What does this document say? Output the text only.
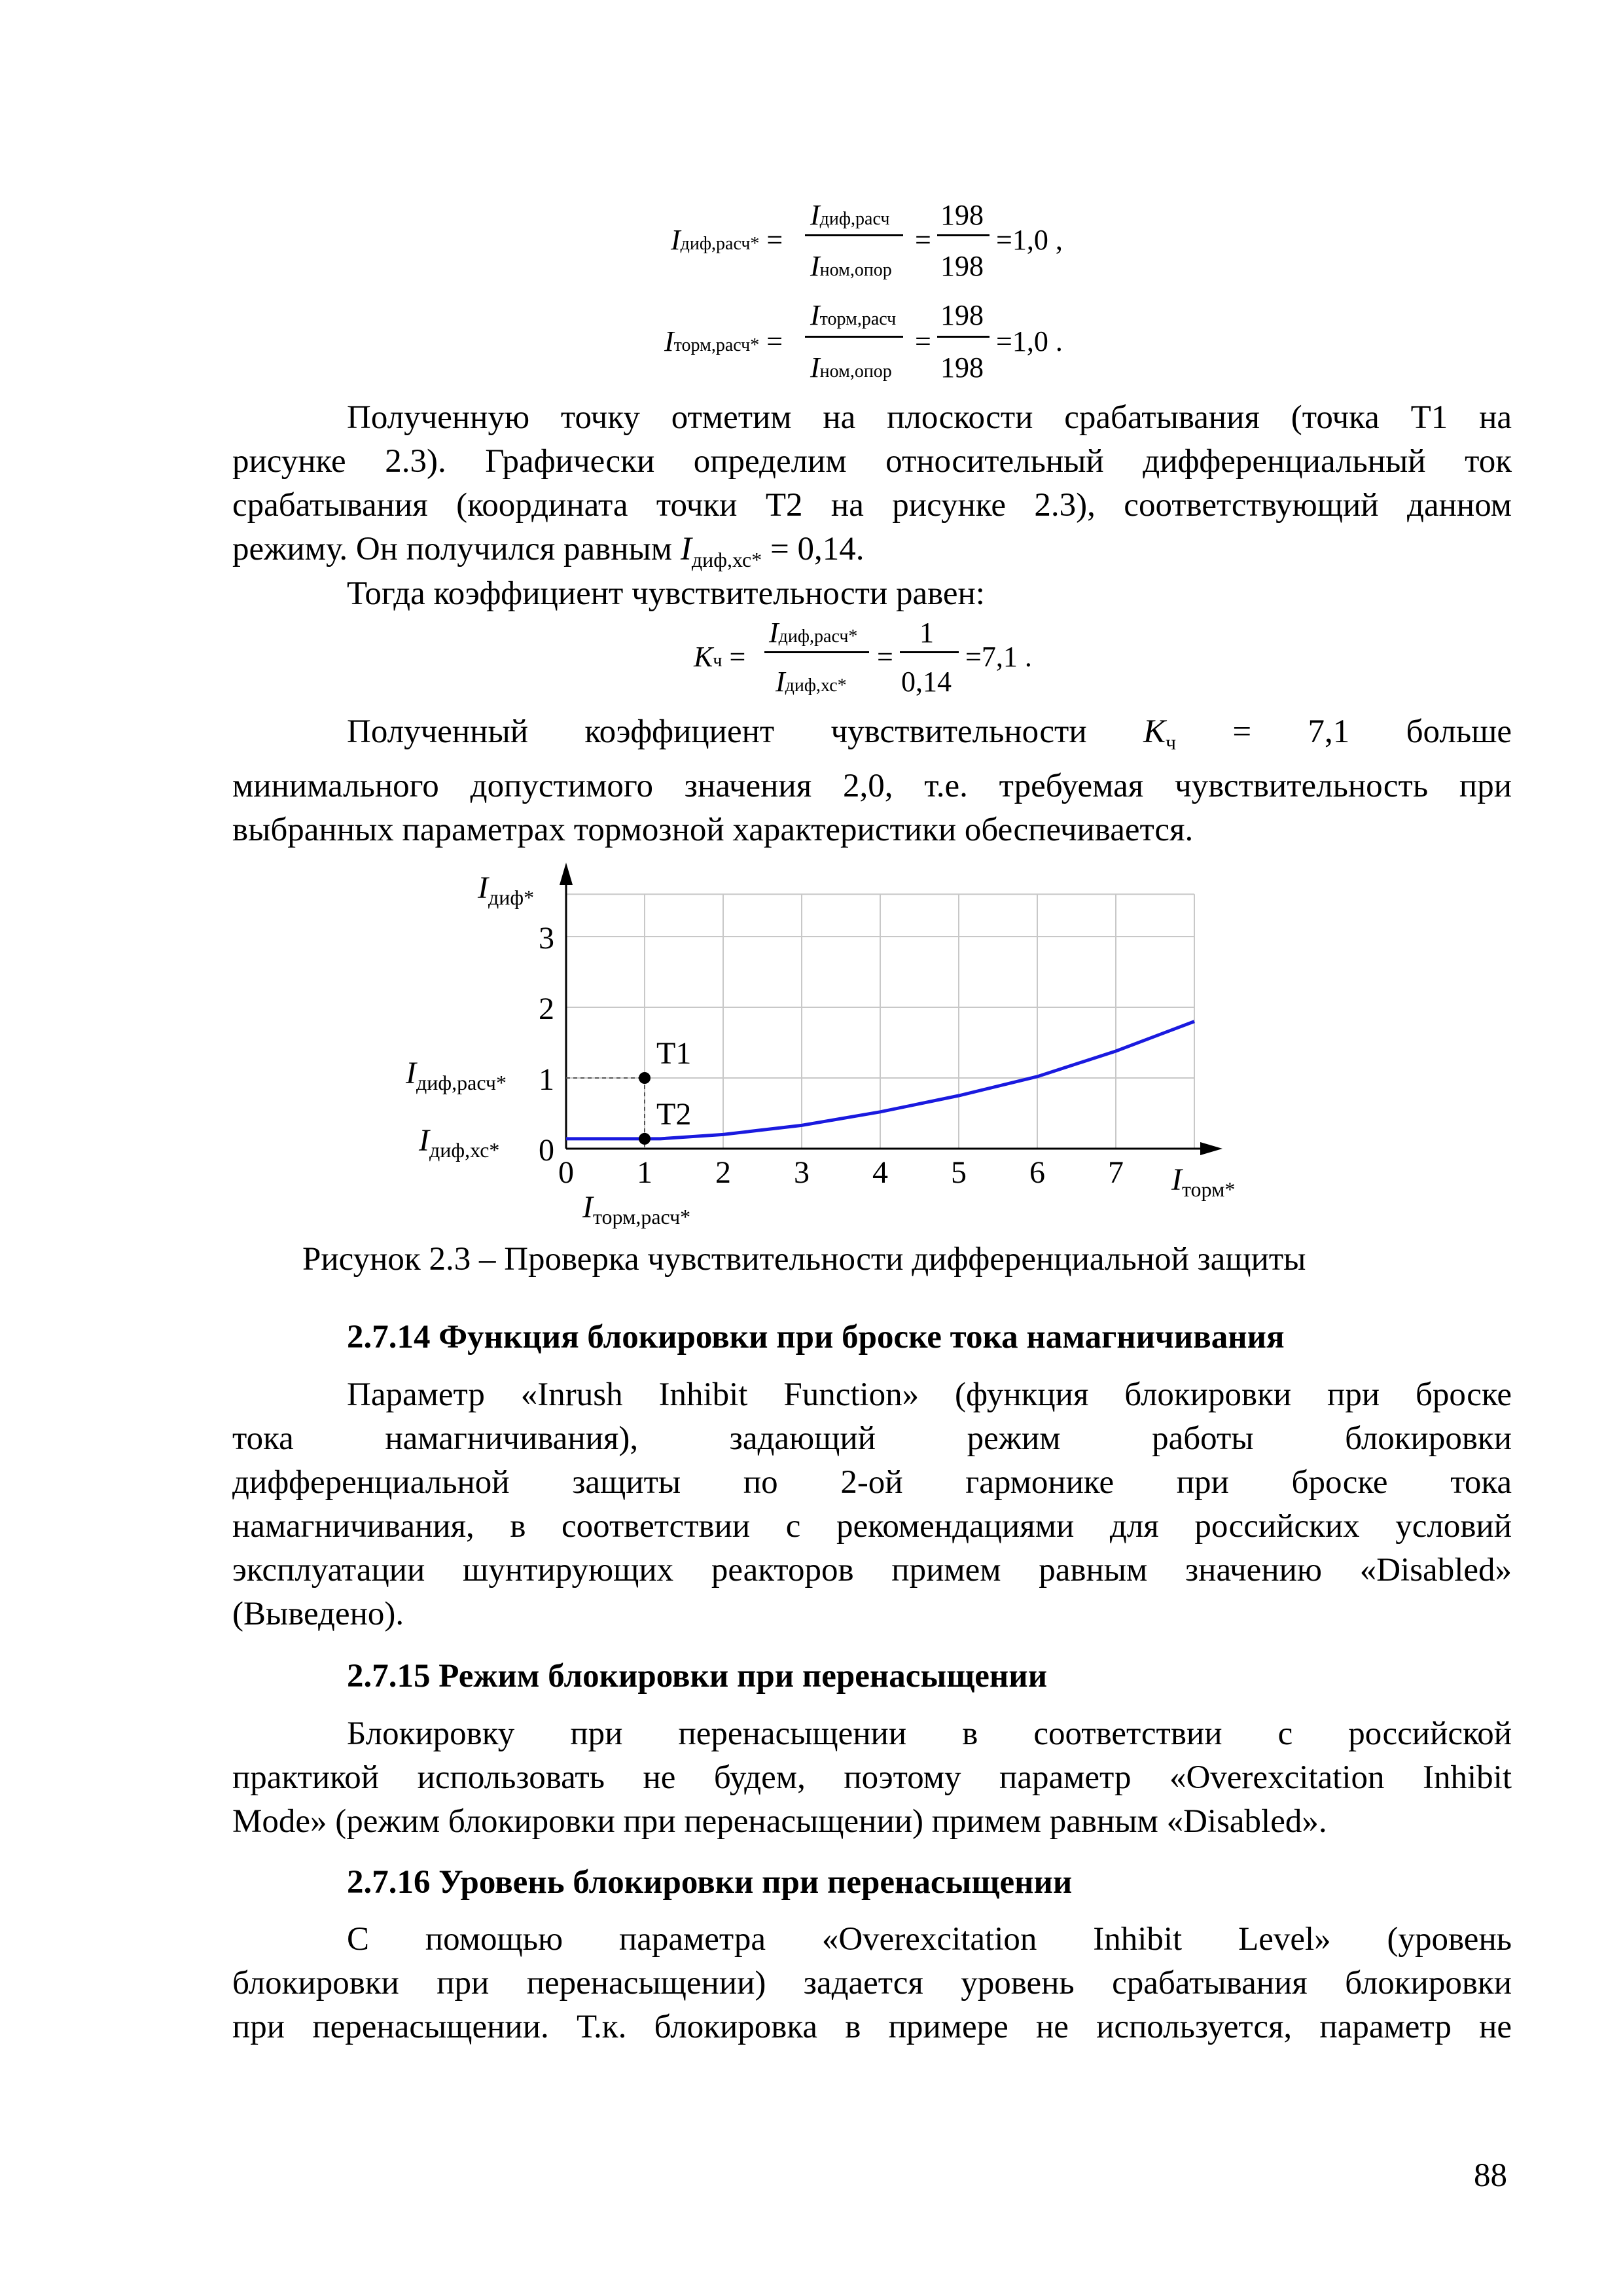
Iдиф,расч* =
Iдиф,расч
Iном,опор
=
198
198
=1,0 ,
Iторм,расч* =
Iторм,расч
Iном,опор
=
198
198
=1,0 .
Полученную точку отметим на плоскости срабатывания (точка Т1 на
рисунке 2.3). Графически определим относительный дифференциальный ток
срабатывания (координата точки Т2 на рисунке 2.3), соответствующий данном
режиму. Он получился равным $I_{диф,хс*} = 0,14$.
Тогда коэффициент чувствительности равен:
Kч =
Iдиф,расч*
Iдиф,хс*
=
1
0,14
=7,1 .
Полученный коэффициент чувствительности $K_ч = 7,1$ больше
минимального допустимого значения 2,0, т.е. требуемая чувствительность при
выбранных параметрах тормозной характеристики обеспечивается.
0 1 2 3 4 5 6 7
0
1
2
3
T1
T2
$I_{диф*}$
$I_{торм*}$
$I_{диф,расч*}$
$I_{диф,хс*}$
$I_{торм,расч*}$
Рисунок 2.3 – Проверка чувствительности дифференциальной защиты
2.7.14 Функция блокировки при броске тока намагничивания
Параметр «Inrush Inhibit Function» (функция блокировки при броске
тока намагничивания), задающий режим работы блокировки
дифференциальной защиты по 2-ой гармонике при броске тока
намагничивания, в соответствии с рекомендациями для российских условий
эксплуатации шунтирующих реакторов примем равным значению «Disabled»
(Выведено).
2.7.15 Режим блокировки при перенасыщении
Блокировку при перенасыщении в соответствии с российской
практикой использовать не будем, поэтому параметр «Overexcitation Inhibit
Mode» (режим блокировки при перенасыщении) примем равным «Disabled».
2.7.16 Уровень блокировки при перенасыщении
С помощью параметра «Overexcitation Inhibit Level» (уровень
блокировки при перенасыщении) задается уровень срабатывания блокировки
при перенасыщении. Т.к. блокировка в примере не используется, параметр не
88
